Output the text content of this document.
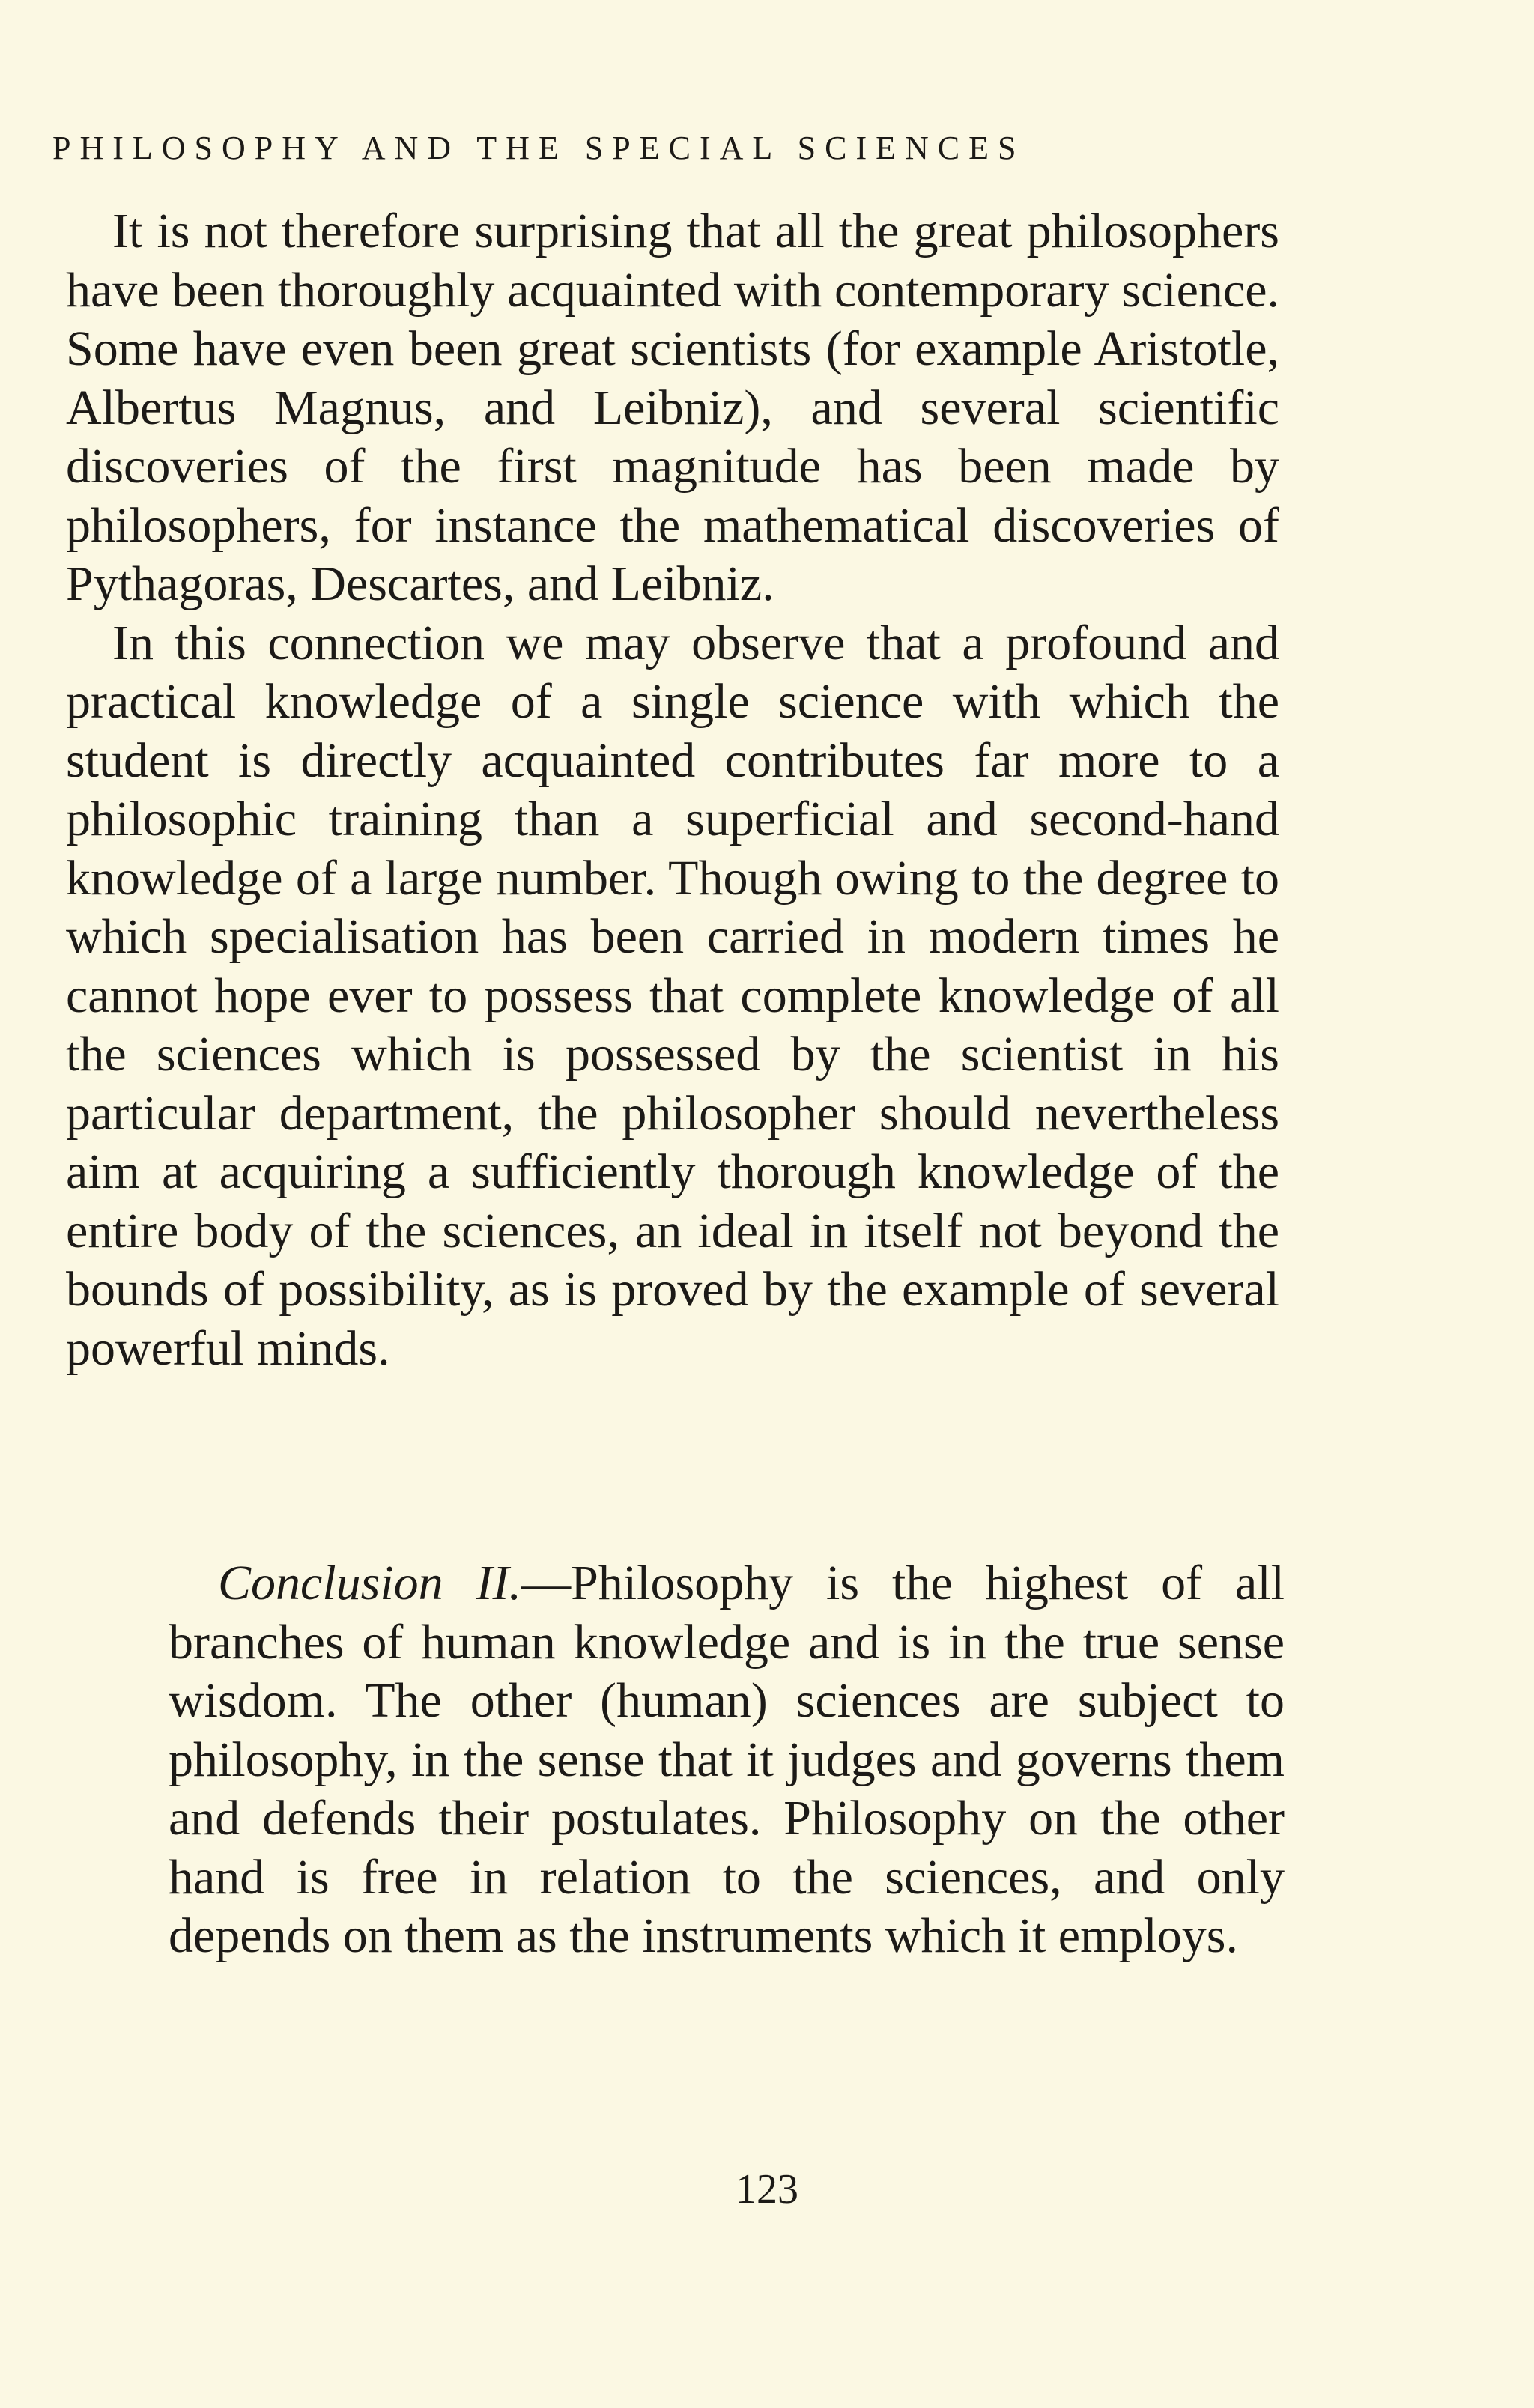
PHILOSOPHY AND THE SPECIAL SCIENCES

It is not therefore surprising that all the great philosophers have been thoroughly acquainted with contemporary science. Some have even been great scientists (for example Aristotle, Albertus Magnus, and Leibniz), and several scientific discoveries of the first magnitude has been made by philosophers, for instance the mathematical discoveries of Pythagoras, Descartes, and Leibniz.

In this connection we may observe that a profound and practical knowledge of a single science with which the student is directly acquainted contributes far more to a philosophic training than a superficial and second-hand knowledge of a large number. Though owing to the degree to which specialisation has been carried in modern times he cannot hope ever to possess that complete knowledge of all the sciences which is possessed by the scientist in his particular department, the philosopher should nevertheless aim at acquiring a sufficiently thorough knowledge of the entire body of the sciences, an ideal in itself not beyond the bounds of possibility, as is proved by the example of several powerful minds.

Conclusion II.—Philosophy is the highest of all branches of human knowledge and is in the true sense wisdom. The other (human) sciences are subject to philosophy, in the sense that it judges and governs them and defends their postulates. Philosophy on the other hand is free in relation to the sciences, and only depends on them as the instruments which it employs.

123
